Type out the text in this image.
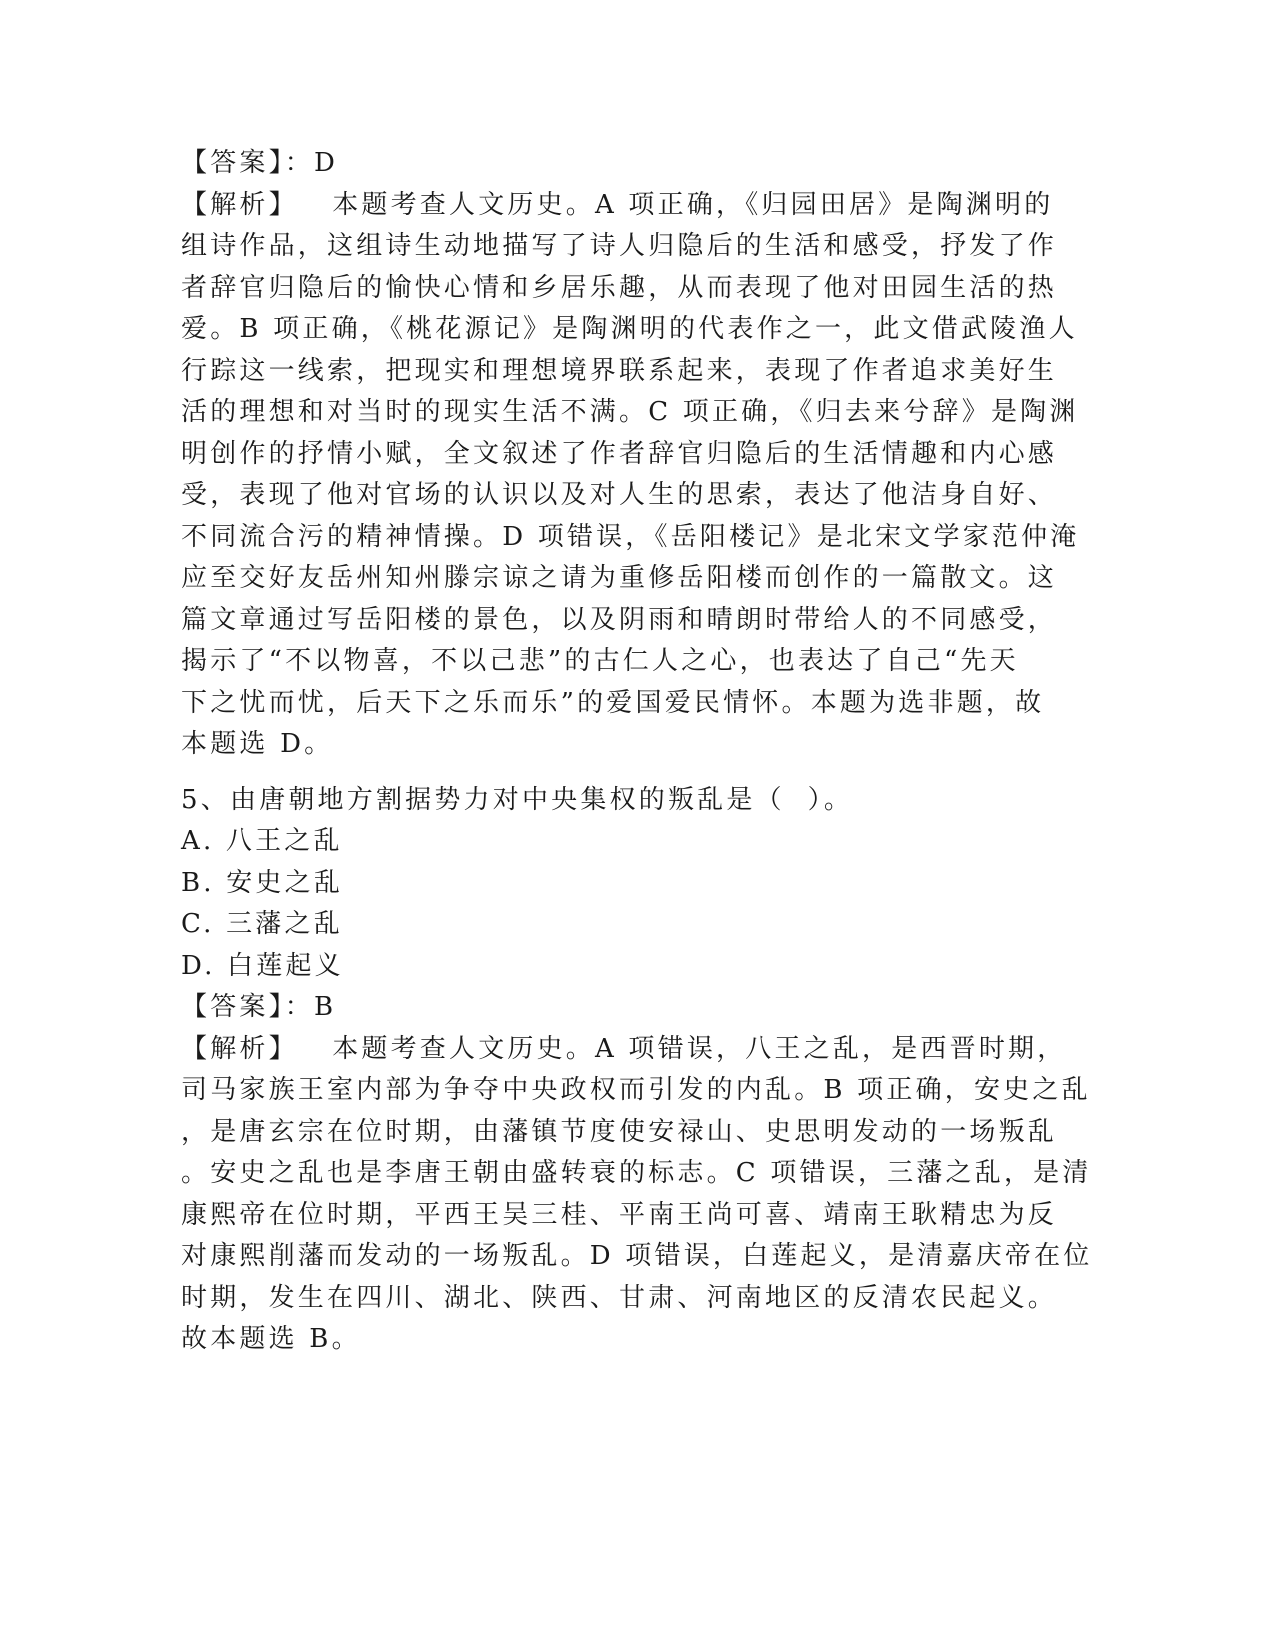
【答案】：D
【解析】   本题考查人文历史。A 项正确，《归园田居》是陶渊明的
组诗作品，这组诗生动地描写了诗人归隐后的生活和感受，抒发了作
者辞官归隐后的愉快心情和乡居乐趣，从而表现了他对田园生活的热
爱。B 项正确，《桃花源记》是陶渊明的代表作之一，此文借武陵渔人
行踪这一线索，把现实和理想境界联系起来，表现了作者追求美好生
活的理想和对当时的现实生活不满。C 项正确，《归去来兮辞》是陶渊
明创作的抒情小赋，全文叙述了作者辞官归隐后的生活情趣和内心感
受，表现了他对官场的认识以及对人生的思索，表达了他洁身自好、
不同流合污的精神情操。D 项错误，《岳阳楼记》是北宋文学家范仲淹
应至交好友岳州知州滕宗谅之请为重修岳阳楼而创作的一篇散文。这
篇文章通过写岳阳楼的景色，以及阴雨和晴朗时带给人的不同感受，
揭示了“不以物喜，不以己悲”的古仁人之心，也表达了自己“先天
下之忧而忧，后天下之乐而乐”的爱国爱民情怀。本题为选非题，故
本题选 D。
5、由唐朝地方割据势力对中央集权的叛乱是（  ）。
A. 八王之乱
B. 安史之乱
C. 三藩之乱
D. 白莲起义
【答案】：B
【解析】   本题考查人文历史。A 项错误，八王之乱，是西晋时期，
司马家族王室内部为争夺中央政权而引发的内乱。B 项正确，安史之乱
，是唐玄宗在位时期，由藩镇节度使安禄山、史思明发动的一场叛乱
。安史之乱也是李唐王朝由盛转衰的标志。C 项错误，三藩之乱，是清
康熙帝在位时期，平西王吴三桂、平南王尚可喜、靖南王耿精忠为反
对康熙削藩而发动的一场叛乱。D 项错误，白莲起义，是清嘉庆帝在位
时期，发生在四川、湖北、陕西、甘肃、河南地区的反清农民起义。
故本题选 B。
